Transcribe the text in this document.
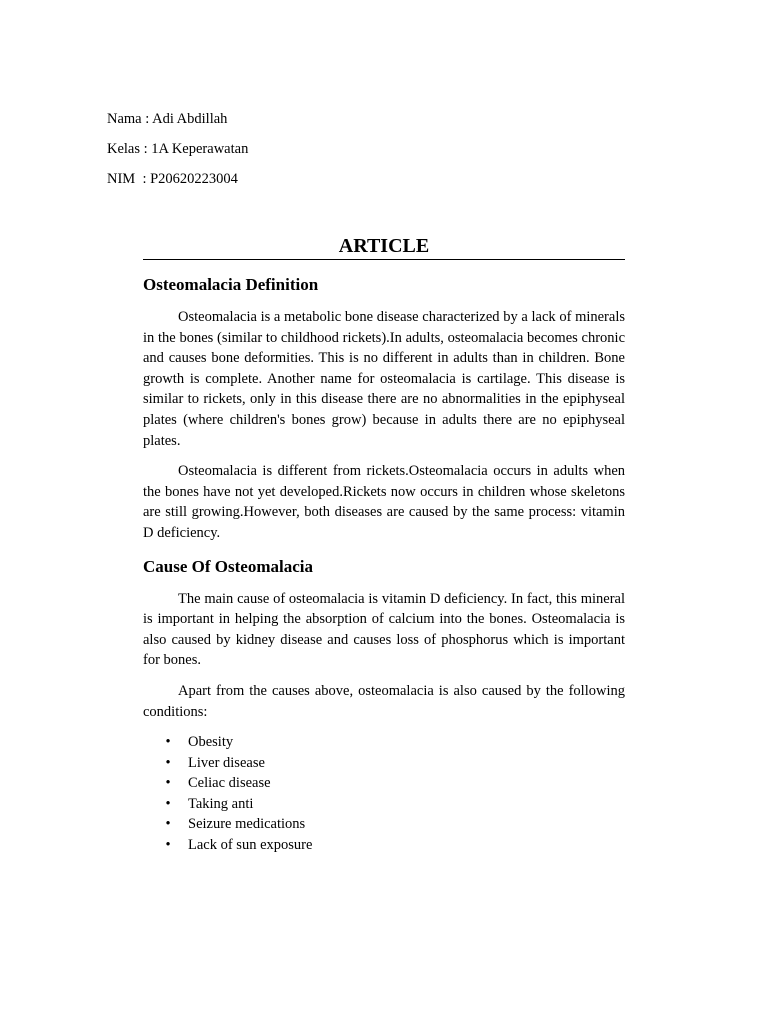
Nama : Adi Abdillah
Kelas : 1A Keperawatan
NIM  : P20620223004
ARTICLE
Osteomalacia Definition

Osteomalacia is a metabolic bone disease characterized by a lack of minerals in the bones (similar to childhood rickets).In adults, osteomalacia becomes chronic and causes bone deformities. This is no different in adults than in children. Bone growth is complete. Another name for osteomalacia is cartilage. This disease is similar to rickets, only in this disease there are no abnormalities in the epiphyseal plates (where children's bones grow) because in adults there are no epiphyseal plates.

Osteomalacia is different from rickets.Osteomalacia occurs in adults when the bones have not yet developed.Rickets now occurs in children whose skeletons are still growing.However, both diseases are caused by the same process: vitamin D deficiency.

Cause Of Osteomalacia

The main cause of osteomalacia is vitamin D deficiency. In fact, this mineral is important in helping the absorption of calcium into the bones. Osteomalacia is also caused by kidney disease and causes loss of phosphorus which is important for bones.

Apart from the causes above, osteomalacia is also caused by the following conditions:

• Obesity
• Liver disease
• Celiac disease
• Taking anti
• Seizure medications
• Lack of sun exposure
